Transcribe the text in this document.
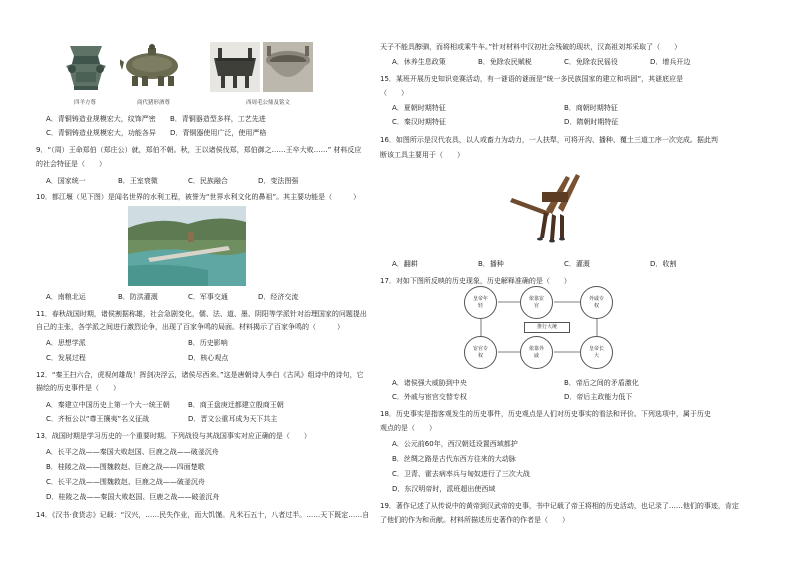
四羊方尊	商代猪形酒尊	西周毛公鼎及铭文
A．青铜铸造业规模宏大，纹饰严密 B．青铜器造型多样，工艺先进
C．青铜铸造业规模宏大，功能各异 D．青铜器使用广泛，使用严格
9．“（周）王命郑伯（郑庄公）就，郑伯不朝。秋，王以诸侯伐郑，郑伯御之……王卒大败……” 材料反应
的社会特征是（　　）
A．国家统一	B．王室衰微	C．民族融合	D．变法图强
10．都江堰（见下图）是闻名世界的水利工程，被誉为“世界水利文化的鼻祖”。其主要功能是（　　　）
A．南粮北运	B．防洪灌溉	C．军事交通	D．经济交流
11．春秋战国时期，诸侯割据称雄，社会急剧变化，儒、法、道、墨、阴阳等学派针对治理国家的问题提出
自己的主张，各学派之间进行激烈论争，出现了百家争鸣的局面。材料揭示了百家争鸣的（　　　）
A．思想学派	B．历史影响
C．发展过程	D．核心观点
12．“秦王扫六合，虎视何雄哉！挥剑决浮云，诸侯尽西来。”这是唐朝诗人李白《古风》组诗中的诗句，它
描绘的历史事件是（　　）
A．秦建立中国历史上第一个大一统王朝	B．商王盘庚迁都建立殷商王朝
C．齐桓公以“尊王攘夷”名义征战	D．晋文公重耳成为天下共主
13．战国时期是学习历史的一个重要时期。下列战役与其战国事实对应正确的是（　　）
A．长平之战——秦国大败赵国、巨鹿之战——破釜沉舟
B．桂陵之战——围魏救赵、巨鹿之战——四面楚歌
C．长平之战——围魏救赵、巨鹿之战——破釜沉舟
D．桂陵之战——秦国大败赵国、巨鹿之战——破釜沉舟
14．《汉书·食货志》记载：“汉兴，……民失作业，而大饥馑。凡米石五十，八者过半。……天下既定……自
天子不能具醇驷，而将相或乘牛车。”针对材料中汉初社会残破的现状，汉高祖刘邦采取了（　　）
A．休养生息政策	B．免除农民赋税	C．免除农民徭役	D．增兵开边
15．某班开展历史知识竞赛活动，有一谜语的谜面是“统一多民族国家的建立和巩固”，其谜底应是
（　　）
A．夏朝时期特征	B．商朝时期特征
C．秦汉时期特征	D．隋朝时期特征
16．如图所示是汉代农具，以人或畜力为动力，一人扶犁，可将开沟、播种、覆土三道工序一次完成。据此判
断该工具主要用于（　　）
A．翻耕	B．播种	C．灌溉	D．收割
17．对如下图所反映的历史现象，历史解释准确的是（　　）
皇帝年轻
依靠宦官
外戚专权
皇帝长大
依靠外戚
宦官专权
推行大统
A．诸侯强大威胁到中央	B．帝后之间的矛盾激化
C．外戚与宦官交替专权	D．帝后主政能力低下
18．历史事实是指客观发生的历史事件，历史观点是人们对历史事实的看法和评价。下列选项中，属于历史
观点的是（　　）
A．公元前60年，西汉朝廷设置西域都护
B．丝绸之路是古代东西方往来的大动脉
C．卫青、霍去病率兵与匈奴进行了三次大战
D．东汉明帝时，派班超出使西域
19．著作记述了从传说中的黄帝到汉武帝的史事，书中记载了帝王将相的历史活动，也记录了……他们的事迹，肯定
了他们的作为和贡献。材料所描述历史著作的作者是（　　）
